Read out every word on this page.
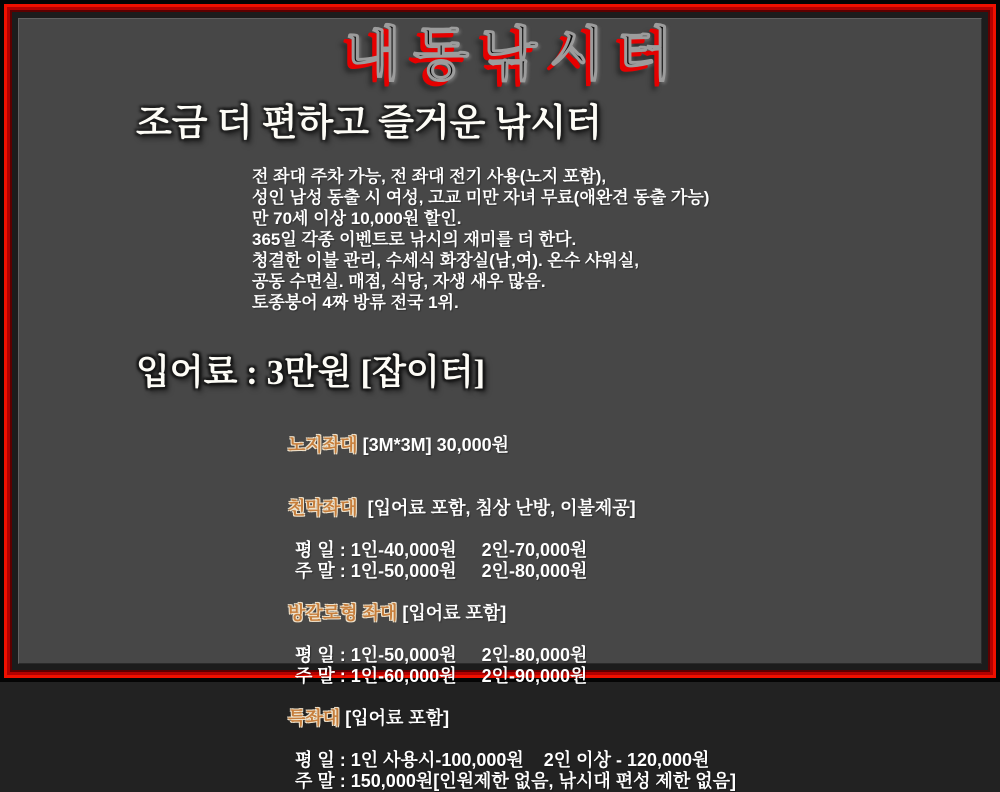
내동낚시터
조금 더 편하고 즐거운 낚시터
전 좌대 주차 가능, 전 좌대 전기 사용(노지 포함),
성인 남성 동출 시 여성, 고교 미만 자녀 무료(애완견 동출 가능)
만 70세 이상 10,000원 할인.
365일 각종 이벤트로 낚시의 재미를 더 한다.
청결한 이불 관리, 수세식 화장실(남,여). 온수 샤워실,
공동 수면실. 매점, 식당, 자생 새우 많음.
토종붕어 4짜 방류 전국 1위.
입어료 : 3만원 [잡이터]

노지좌대 [3M*3M] 30,000원

천막좌대  [입어료 포함, 침상 난방, 이불제공]

평 일 : 1인-40,000원     2인-70,000원
주 말 : 1인-50,000원     2인-80,000원

방갈로형 좌대 [입어료 포함]

평 일 : 1인-50,000원     2인-80,000원
주 말 : 1인-60,000원     2인-90,000원

특좌대 [입어료 포함]

평 일 : 1인 사용시-100,000원    2인 이상 - 120,000원
주 말 : 150,000원[인원제한 없음, 낚시대 편성 제한 없음]
